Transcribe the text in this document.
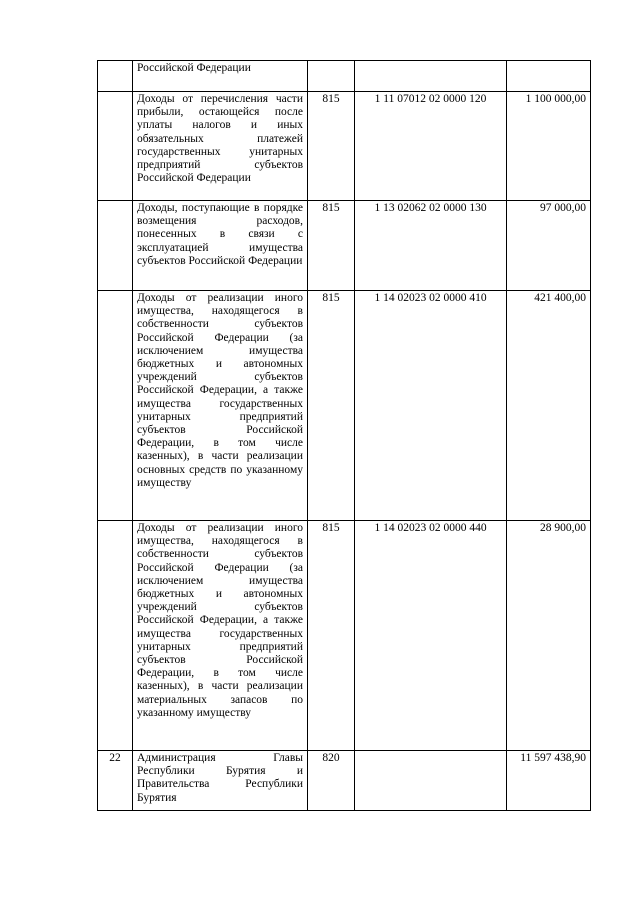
	Российской Федерации			
	Доходы от перечисления части прибыли, остающейся после уплаты налогов и иных обязательных платежей государственных унитарных предприятий субъектов Российской Федерации	815	1 11 07012 02 0000 120	1 100 000,00
	Доходы, поступающие в порядке возмещения расходов, понесенных в связи с эксплуатацией имущества субъектов Российской Федерации	815	1 13 02062 02 0000 130	97 000,00
	Доходы от реализации иного имущества, находящегося в собственности субъектов Российской Федерации (за исключением имущества бюджетных и автономных учреждений субъектов Российской Федерации, а также имущества государственных унитарных предприятий субъектов Российской Федерации, в том числе казенных), в части реализации основных средств по указанному имуществу	815	1 14 02023 02 0000 410	421 400,00
	Доходы от реализации иного имущества, находящегося в собственности субъектов Российской Федерации (за исключением имущества бюджетных и автономных учреждений субъектов Российской Федерации, а также имущества государственных унитарных предприятий субъектов Российской Федерации, в том числе казенных), в части реализации материальных запасов по указанному имуществу	815	1 14 02023 02 0000 440	28 900,00
22	Администрация Главы Республики Бурятия и Правительства Республики Бурятия	820		11 597 438,90
